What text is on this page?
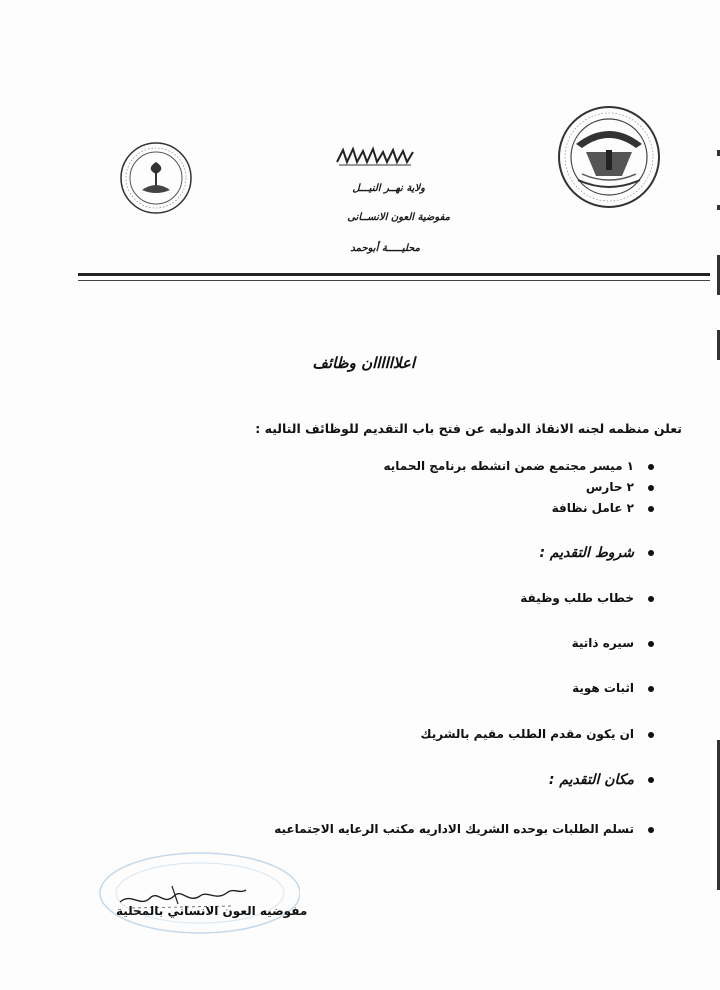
ولاية نهــر النيـــل
مفوضية العون الانســانى
محليـــــة أبوحمد
اعلاااااان وظائف
تعلن منظمه لجنه الانقاذ الدوليه عن فتح باب التقديم للوظائف التاليه :
١ ميسر مجتمع ضمن انشطه برنامج الحمايه
٢ حارس
٢ عامل نظافة
شروط التقديم :
خطاب طلب وظيفة
سيره ذاتية
اثبات هوية
ان يكون مقدم الطلب مقيم بالشريك
مكان التقديم :
تسلم الطلبات بوحده الشريك الاداريه مكتب الرعايه الاجتماعيه
مفوضيه العون الانساني بالمحلية
